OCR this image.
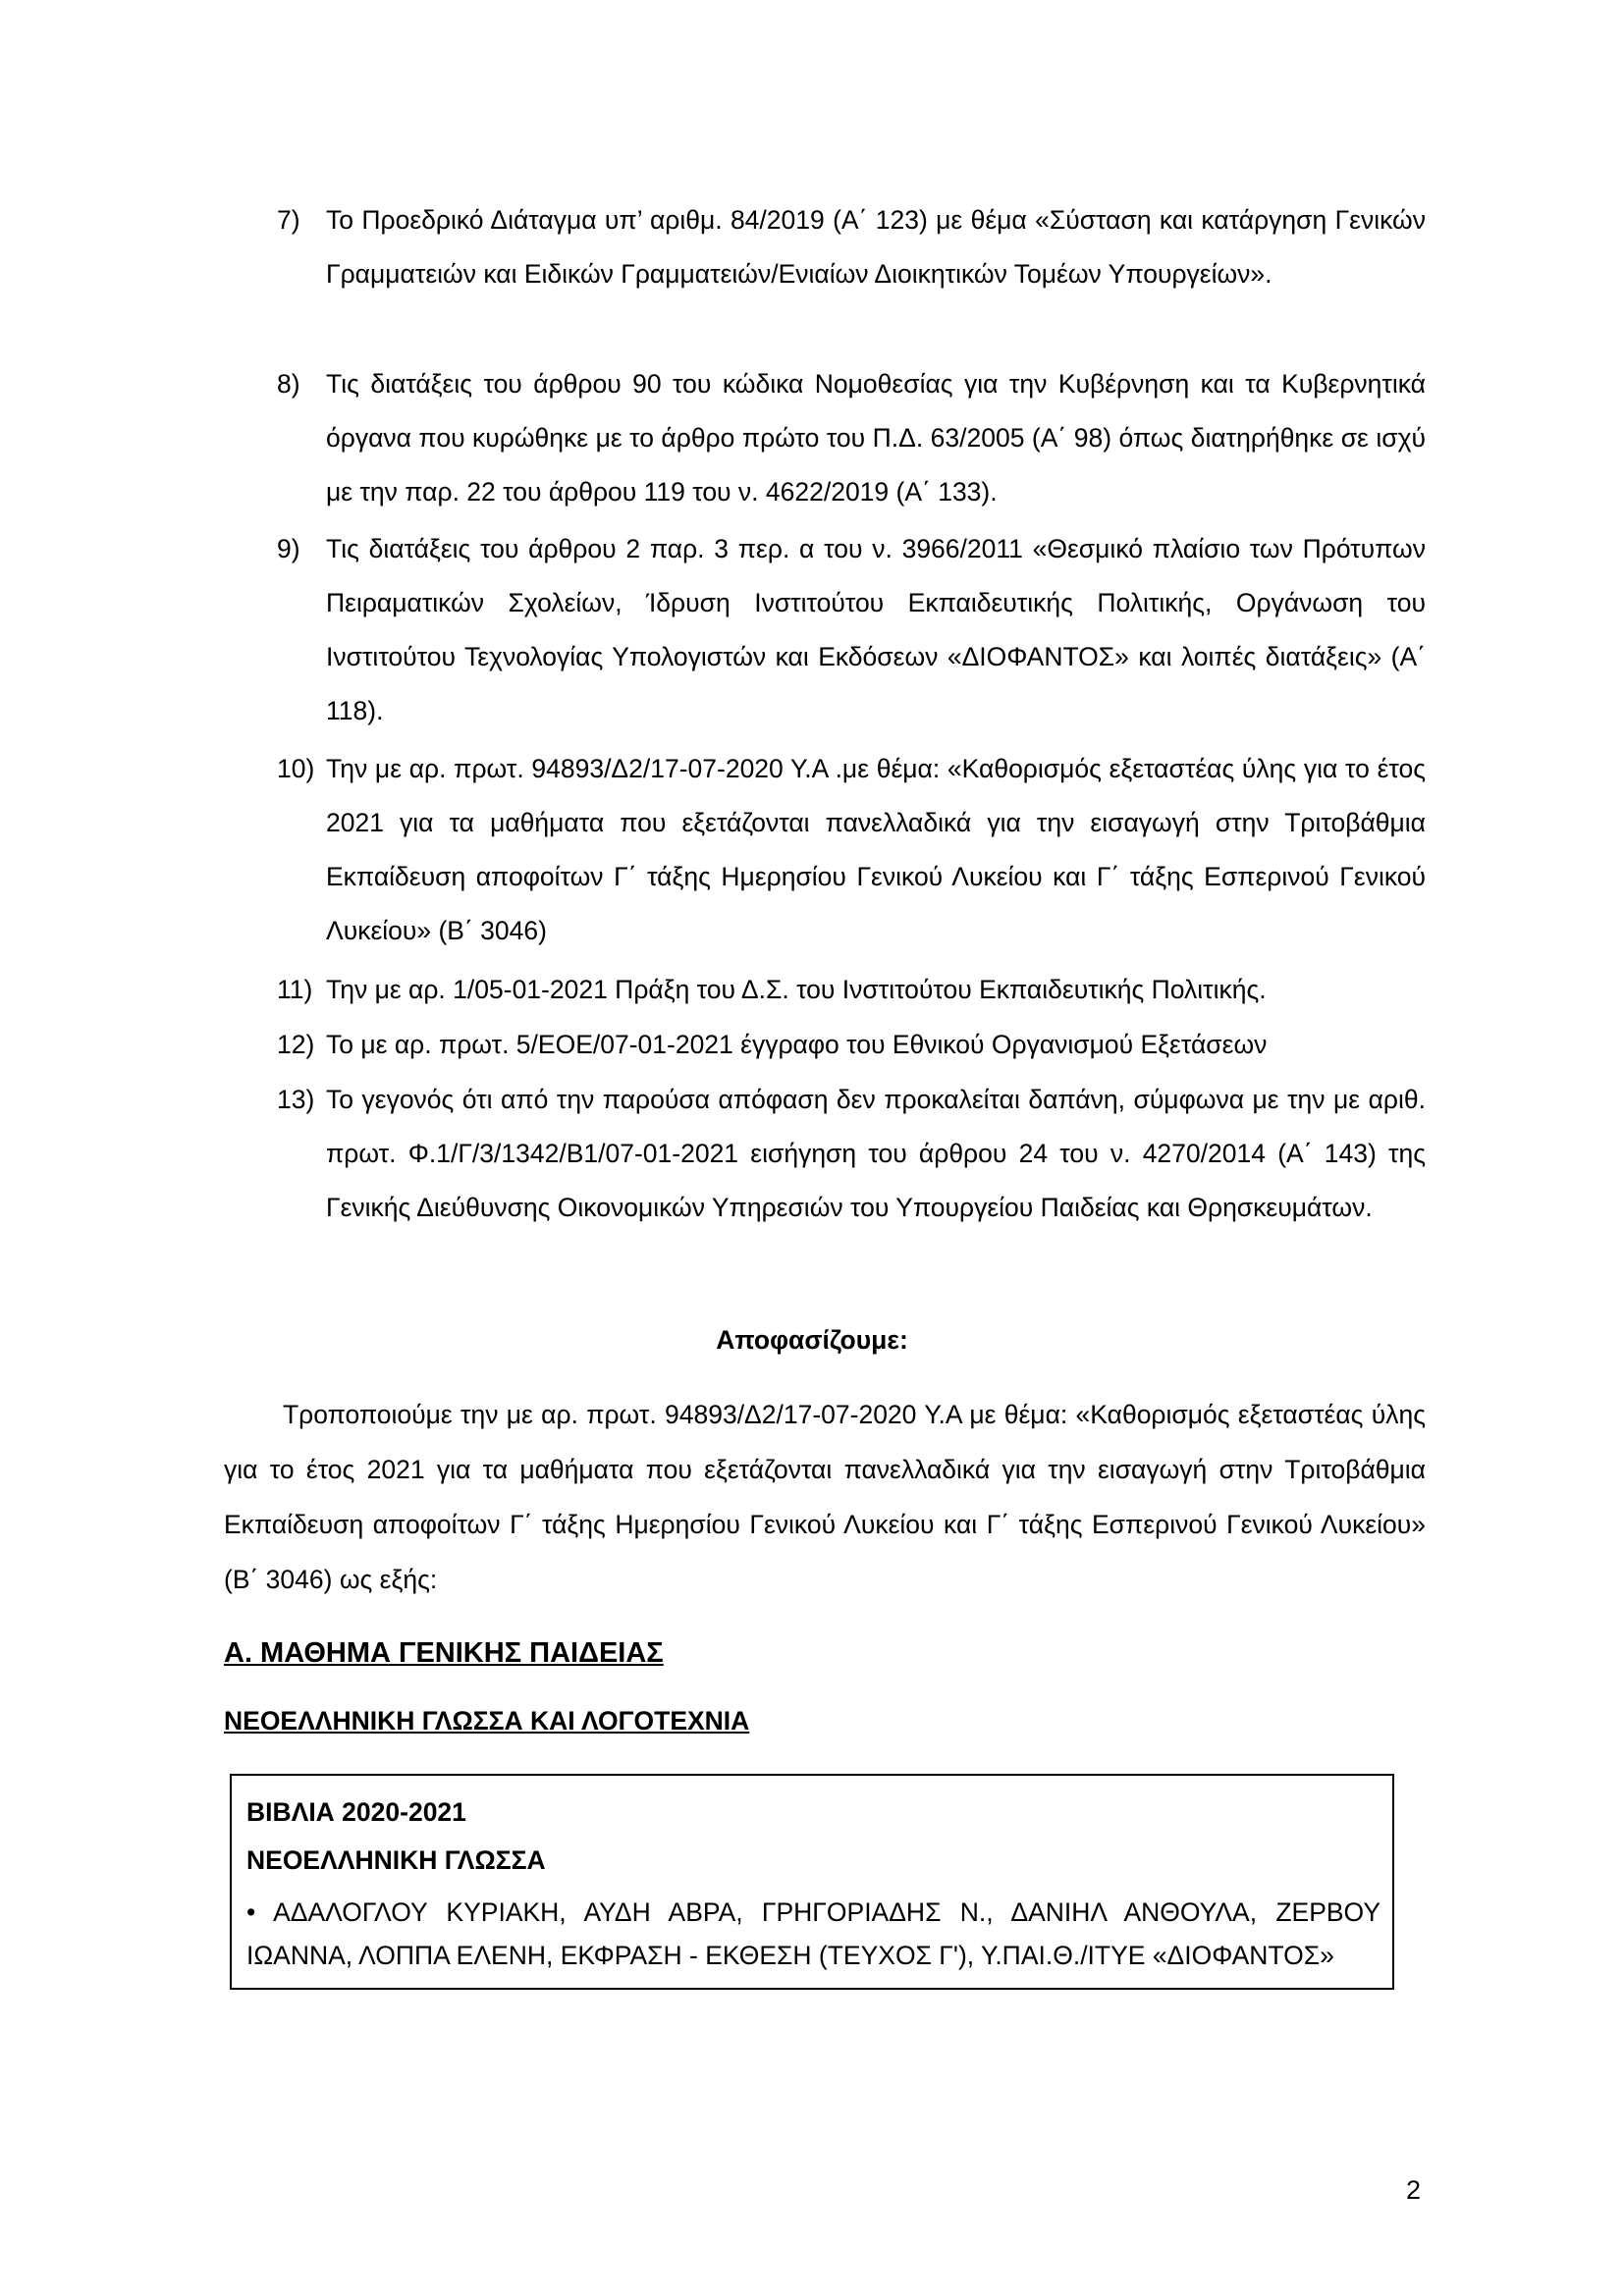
7) Το Προεδρικό Διάταγμα υπ’ αριθμ. 84/2019 (Α΄ 123) με θέμα «Σύσταση και κατάργηση Γενικών Γραμματειών και Ειδικών Γραμματειών/Ενιαίων Διοικητικών Τομέων Υπουργείων».
8) Τις διατάξεις του άρθρου 90 του κώδικα Νομοθεσίας για την Κυβέρνηση και τα Κυβερνητικά όργανα που κυρώθηκε με το άρθρο πρώτο του Π.Δ. 63/2005 (Α΄ 98) όπως διατηρήθηκε σε ισχύ με την παρ. 22 του άρθρου 119 του ν. 4622/2019 (Α΄ 133).
9) Τις διατάξεις του άρθρου 2 παρ. 3 περ. α του ν. 3966/2011 «Θεσμικό πλαίσιο των Πρότυπων Πειραματικών Σχολείων, Ίδρυση Ινστιτούτου Εκπαιδευτικής Πολιτικής, Οργάνωση του Ινστιτούτου Τεχνολογίας Υπολογιστών και Εκδόσεων «ΔΙΟΦΑΝΤΟΣ» και λοιπές διατάξεις» (Α΄ 118).
10) Την με αρ. πρωτ. 94893/Δ2/17-07-2020 Υ.Α .με θέμα: «Καθορισμός εξεταστέας ύλης για το έτος 2021 για τα μαθήματα που εξετάζονται πανελλαδικά για την εισαγωγή στην Τριτοβάθμια Εκπαίδευση αποφοίτων Γ΄ τάξης Ημερησίου Γενικού Λυκείου και Γ΄ τάξης Εσπερινού Γενικού Λυκείου» (Β΄ 3046)
11) Την με αρ. 1/05-01-2021 Πράξη του Δ.Σ. του Ινστιτούτου Εκπαιδευτικής Πολιτικής.
12) Το με αρ. πρωτ. 5/ΕΟΕ/07-01-2021 έγγραφο του Εθνικού Οργανισμού Εξετάσεων
13) Το γεγονός ότι από την παρούσα απόφαση δεν προκαλείται δαπάνη, σύμφωνα με την με αριθ. πρωτ. Φ.1/Γ/3/1342/Β1/07-01-2021 εισήγηση του άρθρου 24 του ν. 4270/2014 (Α΄ 143) της Γενικής Διεύθυνσης Οικονομικών Υπηρεσιών του Υπουργείου Παιδείας και Θρησκευμάτων.
Αποφασίζουμε:
Τροποποιούμε την με αρ. πρωτ. 94893/Δ2/17-07-2020 Υ.Α με θέμα: «Καθορισμός εξεταστέας ύλης για το έτος 2021 για τα μαθήματα που εξετάζονται πανελλαδικά για την εισαγωγή στην Τριτοβάθμια Εκπαίδευση αποφοίτων Γ΄ τάξης Ημερησίου Γενικού Λυκείου και Γ΄ τάξης Εσπερινού Γενικού Λυκείου» (Β΄ 3046) ως εξής:
Α. ΜΑΘΗΜΑ ΓΕΝΙΚΗΣ ΠΑΙΔΕΙΑΣ
ΝΕΟΕΛΛΗΝΙΚΗ ΓΛΩΣΣΑ ΚΑΙ ΛΟΓΟΤΕΧΝΙΑ
ΒΙΒΛΙΑ 2020-2021
ΝΕΟΕΛΛΗΝΙΚΗ ΓΛΩΣΣΑ
• ΑΔΑΛΟΓΛΟΥ ΚΥΡΙΑΚΗ, ΑΥΔΗ ΑΒΡΑ, ΓΡΗΓΟΡΙΑΔΗΣ Ν., ΔΑΝΙΗΛ ΑΝΘΟΥΛΑ, ΖΕΡΒΟΥ ΙΩΑΝΝΑ, ΛΟΠΠΑ ΕΛΕΝΗ, ΕΚΦΡΑΣΗ - ΕΚΘΕΣΗ (ΤΕΥΧΟΣ Γ'), Υ.ΠΑΙ.Θ./ΙΤΥΕ «ΔΙΟΦΑΝΤΟΣ»
2
